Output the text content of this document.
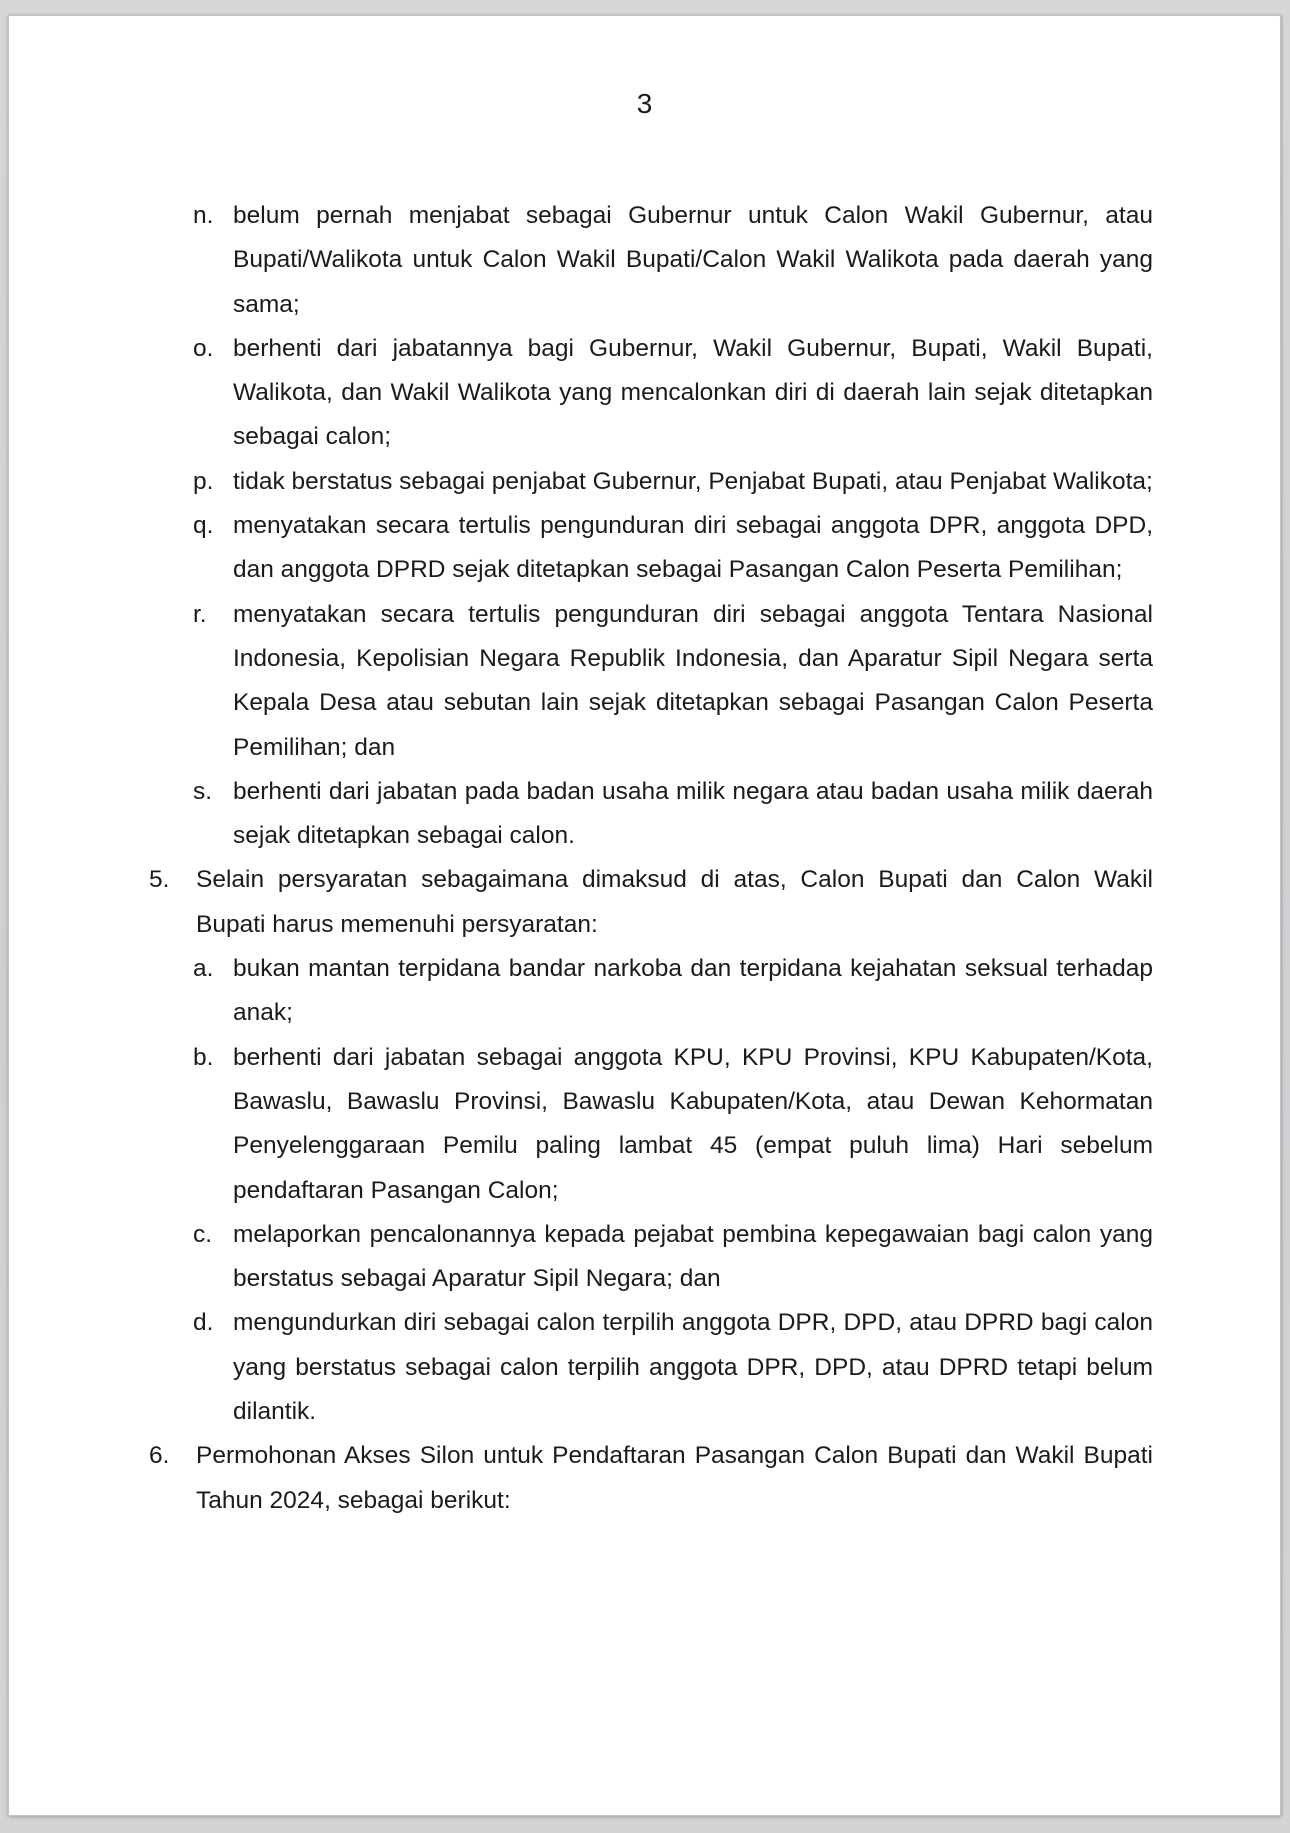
3
n. belum pernah menjabat sebagai Gubernur untuk Calon Wakil Gubernur, atau Bupati/Walikota untuk Calon Wakil Bupati/Calon Wakil Walikota pada daerah yang sama;
o. berhenti dari jabatannya bagi Gubernur, Wakil Gubernur, Bupati, Wakil Bupati, Walikota, dan Wakil Walikota yang mencalonkan diri di daerah lain sejak ditetapkan sebagai calon;
p. tidak berstatus sebagai penjabat Gubernur, Penjabat Bupati, atau Penjabat Walikota;
q. menyatakan secara tertulis pengunduran diri sebagai anggota DPR, anggota DPD, dan anggota DPRD sejak ditetapkan sebagai Pasangan Calon Peserta Pemilihan;
r.	menyatakan secara tertulis pengunduran diri sebagai anggota Tentara Nasional Indonesia, Kepolisian Negara Republik Indonesia, dan Aparatur Sipil Negara serta Kepala Desa atau sebutan lain sejak ditetapkan sebagai Pasangan Calon Peserta Pemilihan; dan
s. berhenti dari jabatan pada badan usaha milik negara atau badan usaha milik daerah sejak ditetapkan sebagai calon.
5.	Selain persyaratan sebagaimana dimaksud di atas, Calon Bupati dan Calon Wakil Bupati harus memenuhi persyaratan:
a. bukan mantan terpidana bandar narkoba dan terpidana kejahatan seksual terhadap anak;
b. berhenti dari jabatan sebagai anggota KPU, KPU Provinsi, KPU Kabupaten/Kota, Bawaslu, Bawaslu Provinsi, Bawaslu Kabupaten/Kota, atau Dewan Kehormatan Penyelenggaraan Pemilu paling lambat 45 (empat puluh lima) Hari sebelum pendaftaran Pasangan Calon;
c. melaporkan pencalonannya kepada pejabat pembina kepegawaian bagi calon yang berstatus sebagai Aparatur Sipil Negara; dan
d. mengundurkan diri sebagai calon terpilih anggota DPR, DPD, atau DPRD bagi calon yang berstatus sebagai calon terpilih anggota DPR, DPD, atau DPRD tetapi belum dilantik.
6.	Permohonan Akses Silon untuk Pendaftaran Pasangan Calon Bupati dan Wakil Bupati Tahun 2024, sebagai berikut:
